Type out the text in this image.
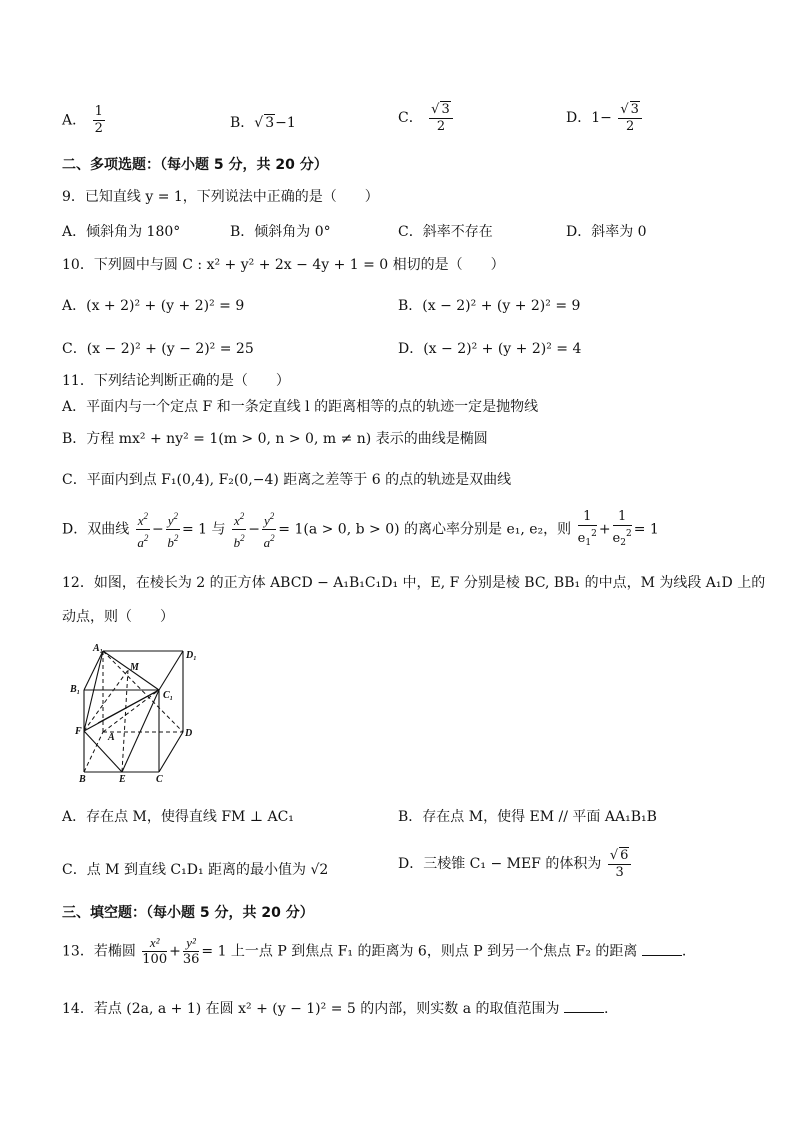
A． $\frac{1}{2}$	B．√ 3−1	C． $\frac{√ 3}{2}$	D．$1- \frac{√ 3}{2}$
二、多项选题：（每小题 5 分，共 20 分）
9．已知直线 y = 1，下列说法中正确的是（　　）
A．倾斜角为 180°	B．倾斜角为 0°	C．斜率不存在	D．斜率为 0
10．下列圆中与圆 C : x² + y² + 2x − 4y + 1 = 0 相切的是（　　）
A．(x + 2)² + (y + 2)² = 9	B．(x − 2)² + (y + 2)² = 9
C．(x − 2)² + (y − 2)² = 25	D．(x − 2)² + (y + 2)² = 4
11．下列结论判断正确的是（　　）
A．平面内与一个定点 F 和一条定直线 l 的距离相等的点的轨迹一定是抛物线
B．方程 mx² + ny² = 1(m > 0, n > 0, m ≠ n) 表示的曲线是椭圆
C．平面内到点 F₁(0,4), F₂(0,−4) 距离之差等于 6 的点的轨迹是双曲线
D．双曲线 $\frac{x^2}{a^2} - \frac{y^2}{b^2} = 1$ 与 $\frac{x^2}{b^2} - \frac{y^2}{a^2} = 1(a > 0$, b > 0) 的离心率分别是 e₁, e₂，则 $\frac{1}{e_1^2} + \frac{1}{e_2^2} = 1$
12．如图，在棱长为 2 的正方体 ABCD − A₁B₁C₁D₁ 中，E, F 分别是棱 BC, BB₁ 的中点，M 为线段 A₁D 上的
动点，则（　　）
A₁
D₁
B₁
C₁
M
F
A	D
B	E	C
A．存在点 M，使得直线 FM ⊥ AC₁	B．存在点 M，使得 EM // 平面 AA₁B₁B
C．点 M 到直线 C₁D₁ 距离的最小值为 √2	D．三棱锥 C₁ − MEF 的体积为 $\frac{√ 6}{3}$
三、填空题：（每小题 5 分，共 20 分）
13．若椭圆 $\frac{\text{x²}}{100} + \frac{\text{y²}}{36} = 1$ 上一点 P 到焦点 F₁ 的距离为 6，则点 P 到另一个焦点 F₂ 的距离	.
14．若点 (2a, a + 1) 在圆 x² + (y − 1)² = 5 的内部，则实数 a 的取值范围为	.
